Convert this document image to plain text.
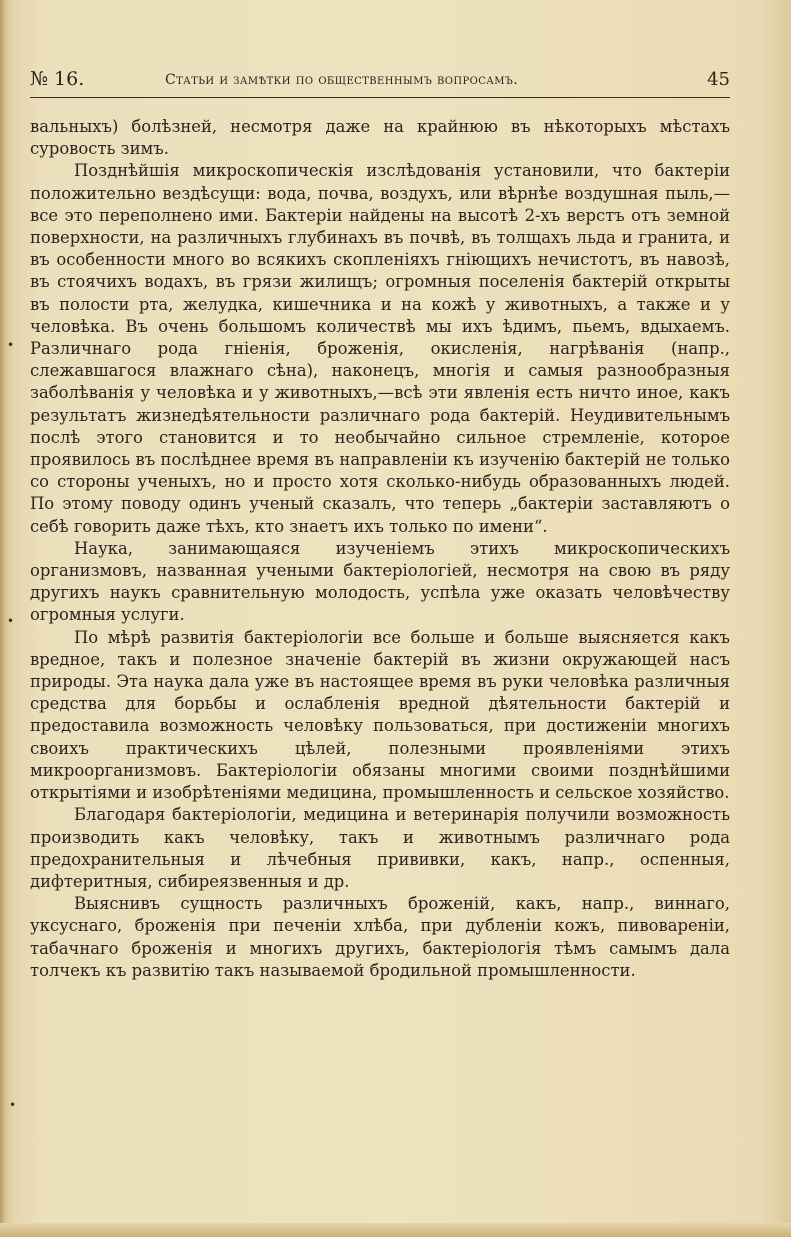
№ 16.	Статьи и замѣтки по общественнымъ вопросамъ.	45

вальныхъ) болѣзней, несмотря даже на крайнюю въ нѣкоторыхъ мѣстахъ суровость зимъ.

Позднѣйшія микроскопическія изслѣдованія установили, что бактеріи положительно вездѣсущи: вода, почва, воздухъ, или вѣрнѣе воздушная пыль,—все это переполнено ими. Бактеріи найдены на высотѣ 2-хъ верстъ отъ земной поверхности, на различныхъ глубинахъ въ почвѣ, въ толщахъ льда и гранита, и въ особенности много во всякихъ скопленіяхъ гніющихъ нечистотъ, въ навозѣ, въ стоячихъ водахъ, въ грязи жилищъ; огромныя поселенія бактерій открыты въ полости рта, желудка, кишечника и на кожѣ у животныхъ, а также и у человѣка. Въ очень большомъ количествѣ мы ихъ ѣдимъ, пьемъ, вдыхаемъ. Различнаго рода гніенія, броженія, окисленія, нагрѣванія (напр., слежавшагося влажнаго сѣна), наконецъ, многія и самыя разнообразныя заболѣванія у человѣка и у животныхъ,—всѣ эти явленія есть ничто иное, какъ результатъ жизнедѣятельности различнаго рода бактерій. Неудивительнымъ послѣ этого становится и то необычайно сильное стремленіе, которое проявилось въ послѣднее время въ направленіи къ изученію бактерій не только со стороны ученыхъ, но и просто хотя сколько-нибудь образованныхъ людей. По этому поводу одинъ ученый сказалъ, что теперь „бактеріи заставляютъ о себѣ говорить даже тѣхъ, кто знаетъ ихъ только по имени“.

Наука, занимающаяся изученіемъ этихъ микроскопическихъ организмовъ, названная учеными бактеріологіей, несмотря на свою въ ряду другихъ наукъ сравнительную молодость, успѣла уже оказать человѣчеству огромныя услуги.

По мѣрѣ развитія бактеріологіи все больше и больше выясняется какъ вредное, такъ и полезное значеніе бактерій въ жизни окружающей насъ природы. Эта наука дала уже въ настоящее время въ руки человѣка различныя средства для борьбы и ослабленія вредной дѣятельности бактерій и предоставила возможность человѣку пользоваться, при достиженіи многихъ своихъ практическихъ цѣлей, полезными проявленіями этихъ микроорганизмовъ. Бактеріологіи обязаны многими своими позднѣйшими открытіями и изобрѣтеніями медицина, промышленность и сельское хозяйство.

Благодаря бактеріологіи, медицина и ветеринарія получили возможность производить какъ человѣку, такъ и животнымъ различнаго рода предохранительныя и лѣчебныя прививки, какъ, напр., оспенныя, дифтеритныя, сибиреязвенныя и др.

Выяснивъ сущность различныхъ броженій, какъ, напр., виннаго, уксуснаго, броженія при печеніи хлѣба, при дубленіи кожъ, пивовареніи, табачнаго броженія и многихъ другихъ, бактеріологія тѣмъ самымъ дала толчекъ къ развитію такъ называемой бродильной промышленности.

•
•
•
